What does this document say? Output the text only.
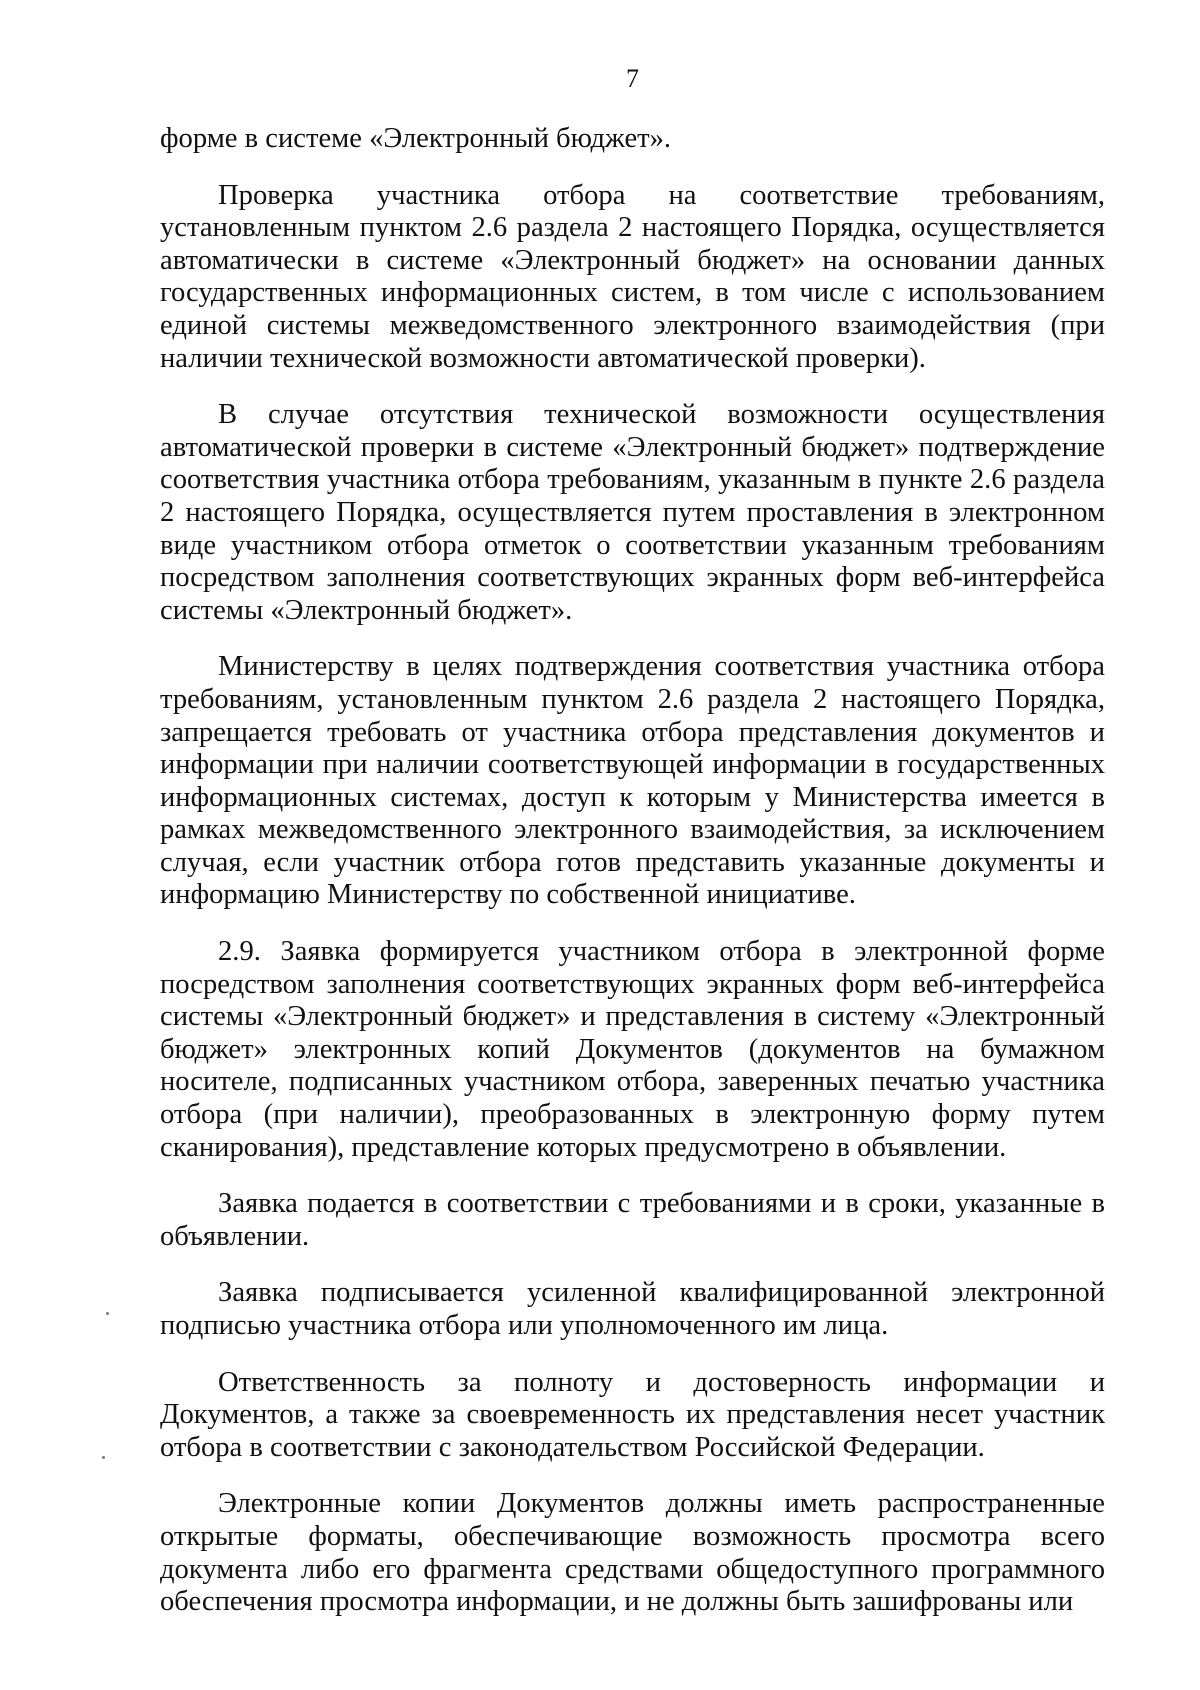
7

форме в системе «Электронный бюджет».

Проверка участника отбора на соответствие требованиям, установленным пунктом 2.6 раздела 2 настоящего Порядка, осуществляется автоматически в системе «Электронный бюджет» на основании данных государственных информационных систем, в том числе с использованием единой системы межведомственного электронного взаимодействия (при наличии технической возможности автоматической проверки).

В случае отсутствия технической возможности осуществления автоматической проверки в системе «Электронный бюджет» подтверждение соответствия участника отбора требованиям, указанным в пункте 2.6 раздела 2 настоящего Порядка, осуществляется путем проставления в электронном виде участником отбора отметок о соответствии указанным требованиям посредством заполнения соответствующих экранных форм веб-интерфейса системы «Электронный бюджет».

Министерству в целях подтверждения соответствия участника отбора требованиям, установленным пунктом 2.6 раздела 2 настоящего Порядка, запрещается требовать от участника отбора представления документов и информации при наличии соответствующей информации в государственных информационных системах, доступ к которым у Министерства имеется в рамках межведомственного электронного взаимодействия, за исключением случая, если участник отбора готов представить указанные документы и информацию Министерству по собственной инициативе.

2.9. Заявка формируется участником отбора в электронной форме посредством заполнения соответствующих экранных форм веб-интерфейса системы «Электронный бюджет» и представления в систему «Электронный бюджет» электронных копий Документов (документов на бумажном носителе, подписанных участником отбора, заверенных печатью участника отбора (при наличии), преобразованных в электронную форму путем сканирования), представление которых предусмотрено в объявлении.

Заявка подается в соответствии с требованиями и в сроки, указанные в объявлении.

Заявка подписывается усиленной квалифицированной электронной подписью участника отбора или уполномоченного им лица.

Ответственность за полноту и достоверность информации и Документов, а также за своевременность их представления несет участник отбора в соответствии с законодательством Российской Федерации.

Электронные копии Документов должны иметь распространенные открытые форматы, обеспечивающие возможность просмотра всего документа либо его фрагмента средствами общедоступного программного обеспечения просмотра информации, и не должны быть зашифрованы или
